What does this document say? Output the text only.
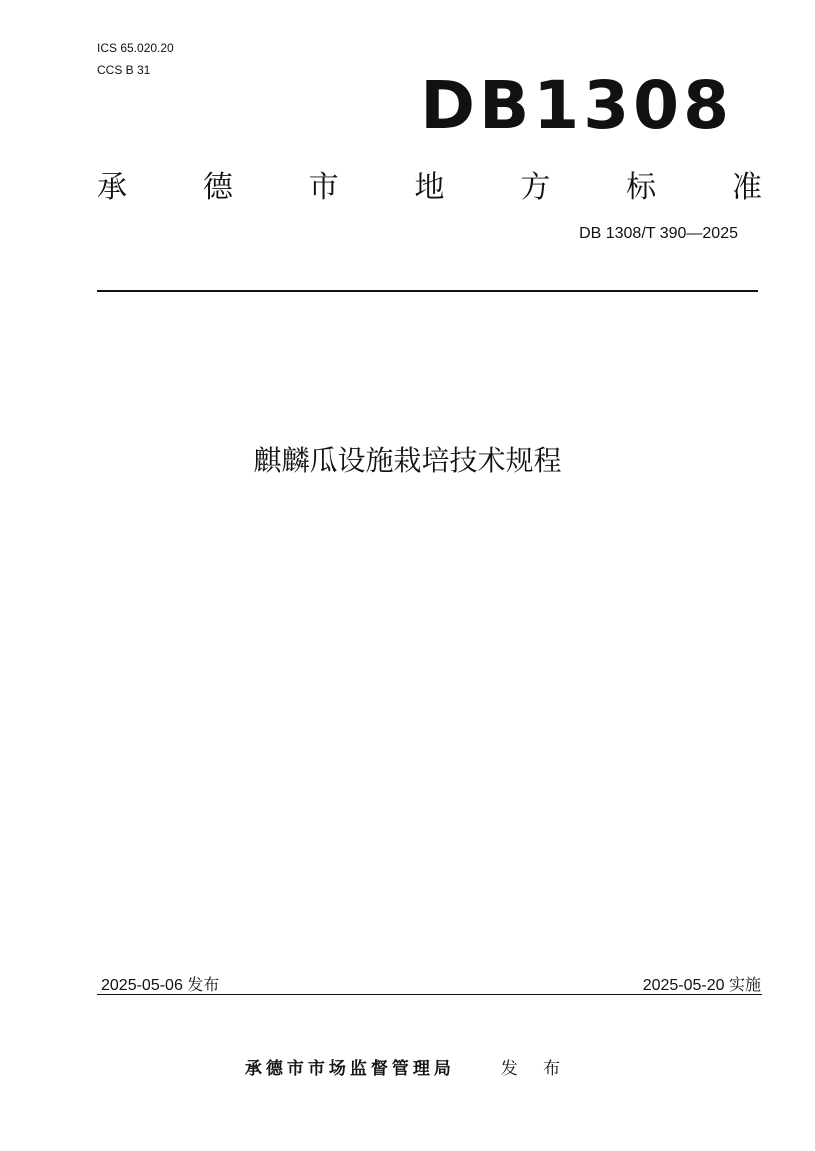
ICS 65.020.20
CCS B 31	DB1308
承	德	市	地	方	标	准
DB 1308/T 390—2025
麒麟瓜设施栽培技术规程
2025-05-06 发布	2025-05-20 实施
承德市市场监督管理局	发 布
